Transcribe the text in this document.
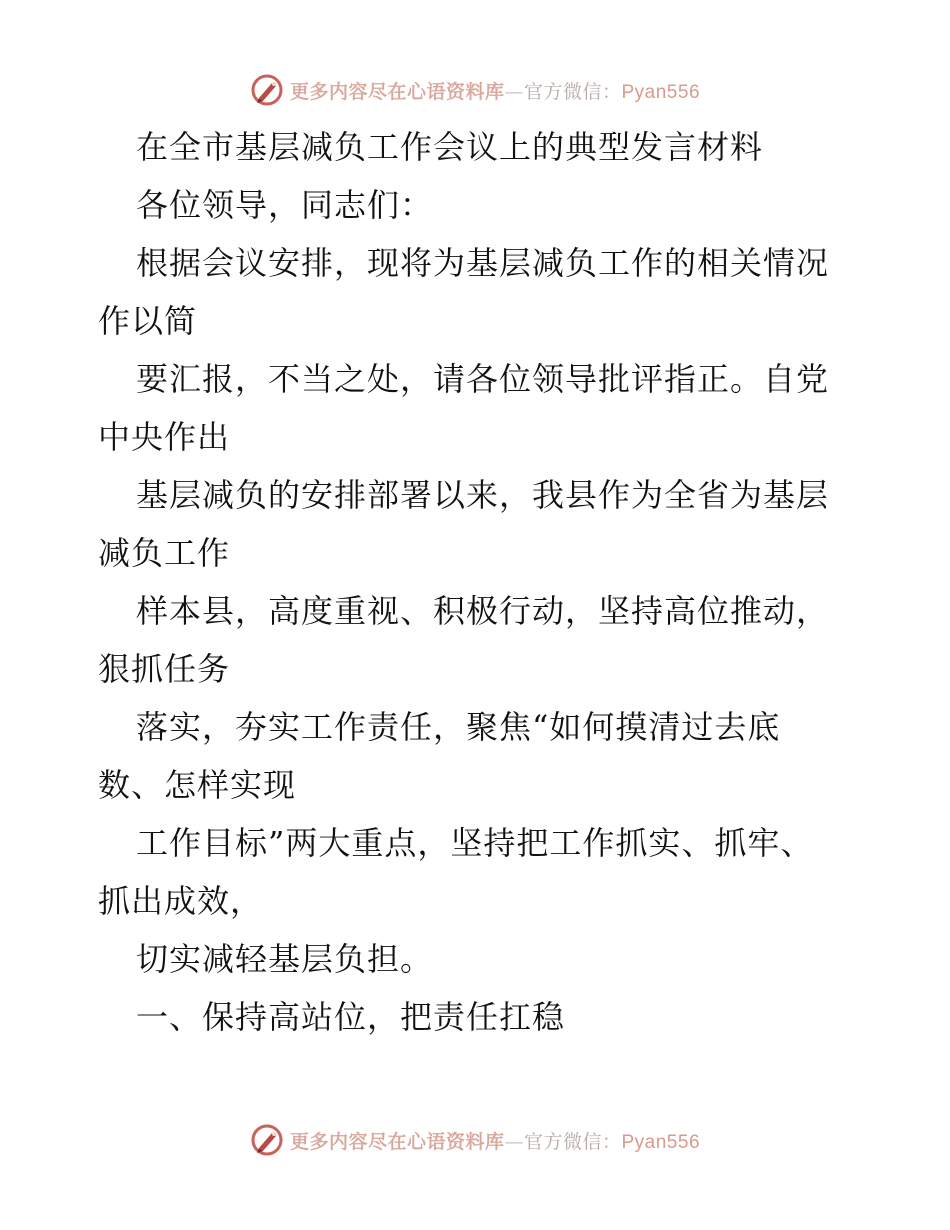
更多内容尽在心语资料库—官方微信：Pyan556
在全市基层减负工作会议上的典型发言材料
各位领导，同志们：
根据会议安排，现将为基层减负工作的相关情况
作以简
要汇报，不当之处，请各位领导批评指正。自党
中央作出
基层减负的安排部署以来，我县作为全省为基层
减负工作
样本县，高度重视、积极行动，坚持高位推动，
狠抓任务
落实，夯实工作责任，聚焦“如何摸清过去底
数、怎样实现
工作目标”两大重点，坚持把工作抓实、抓牢、
抓出成效，
切实减轻基层负担。
一、保持高站位，把责任扛稳
更多内容尽在心语资料库—官方微信：Pyan556
